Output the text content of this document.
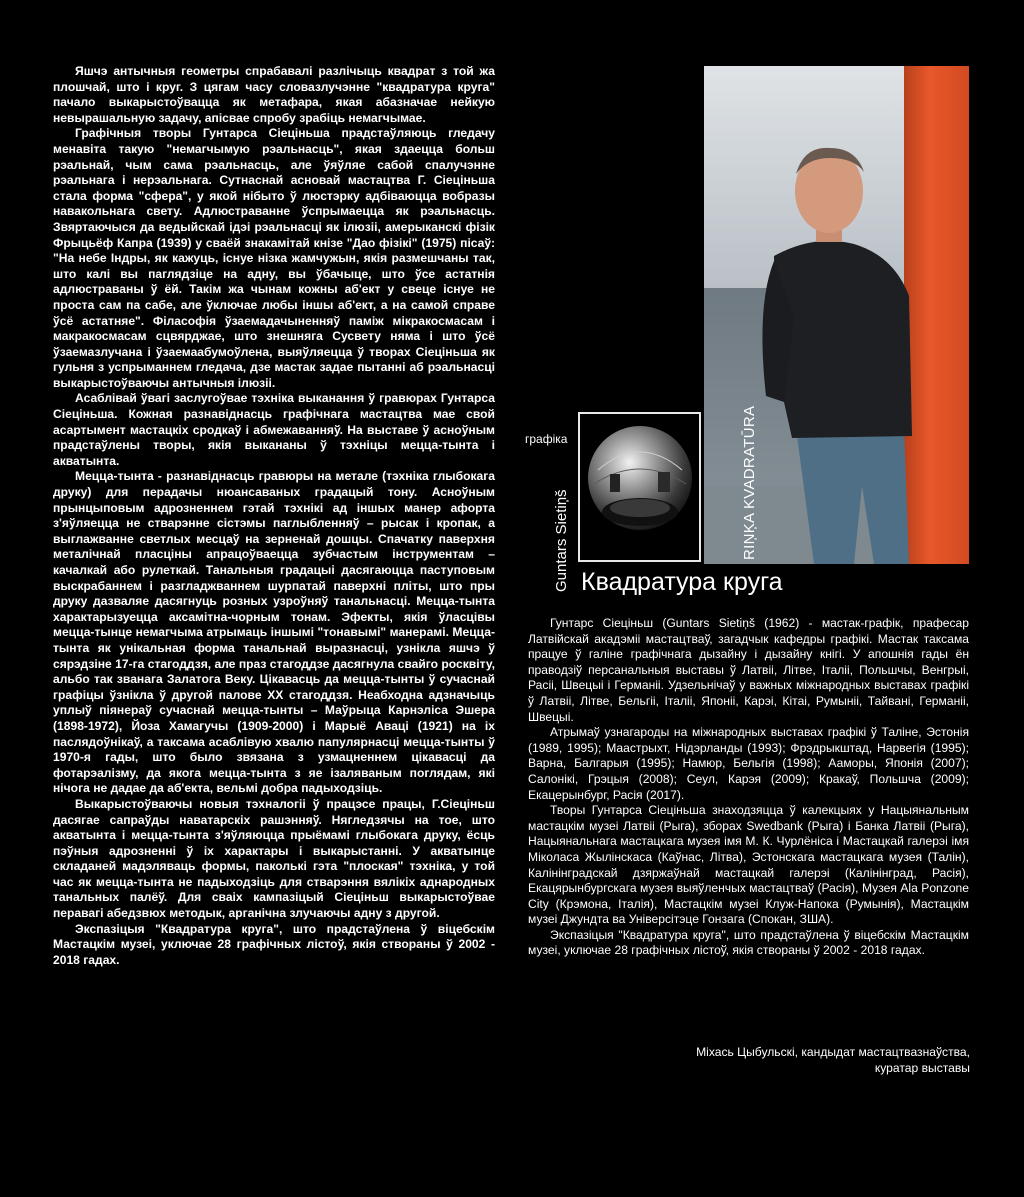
Яшчэ антычныя геометры спрабавалі разлічыць квадрат з той жа плошчай, што і круг. З цягам часу словазлучэнне "квадратура круга" пачало выкарыстоўвацца як метафара, якая абазначае нейкую невырашальную задачу, апісвае спробу зрабіць немагчымае.

Графічныя творы Гунтарса Сіеціньша прадстаўляюць гледачу менавіта такую "немагчымую рэальнасць", якая здаецца больш рэальнай, чым сама рэальнасць, але ўяўляе сабой спалучэнне рэальнага і нерэальнага. Сутнаснай асновай мастацтва Г. Сіеціньша стала форма "сфера", у якой нібыто ў люстэрку адбіваюцца вобразы навакольнага свету. Адлюстраванне ўспрымаецца як рэальнасць. Звяртаючыся да ведыйскай ідэі рэальнасці як ілюзіі, амерыканскі фізік Фрыцьёф Капра (1939) у сваёй знакамітай кнізе "Дао фізікі" (1975) пісаў: "На небе Індры, як кажуць, існуе нізка жамчужын, якія размешчаны так, што калі вы паглядзіце на адну, вы ўбачыце, што ўсе астатнія адлюстраваны ў ёй. Такім жа чынам кожны аб'ект у свеце існуе не проста сам па сабе, але ўключае любы іншы аб'ект, а на самой справе ўсё астатняе". Філасофія ўзаемадачыненняў паміж мікракосмасам і макракосмасам сцвярджае, што знешняга Сусвету няма і што ўсё ўзаемазлучана і ўзаемаабумоўлена, выяўляецца ў творах Сіеціньша як гульня з успрыманнем гледача, дзе мастак задае пытанні аб рэальнасці выкарыстоўваючы антычныя ілюзіі.

Асаблівай ўвагі заслугоўвае тэхніка выканання ў гравюрах Гунтарса Сіеціньша. Кожная разнавіднасць графічнага мастацтва мае свой асартымент мастацкіх сродкаў і абмежаванняў. На выставе ў асноўным прадстаўлены творы, якія выкананы ў тэхніцы мецца-тынта і акватынта.

Мецца-тынта - разнавіднасць гравюры на метале (тэхніка глыбокага друку) для перадачы нюансаваных градацый тону. Асноўным прынцыповым адрозненнем гэтай тэхнікі ад іншых манер афорта з'яўляецца не стварэнне сістэмы паглыбленняў – рысак і кропак, а выглажванне светлых месцаў на зерненай дошцы. Спачатку паверхня металічнай пласціны апрацоўваецца зубчастым інструментам – качалкай або рулеткай. Танальныя градацыі дасягаюцца паступовым выскрабаннем і разгладжваннем шурпатай паверхні пліты, што пры друку дазваляе дасягнуць розных узроўняў танальнасці. Мецца-тынта характарызуецца аксамітна-чорным тонам. Эфекты, якія ўласцівы мецца-тынце немагчыма атрымаць іншымі "тонавымі" манерамі. Мецца-тынта як унікальная форма танальнай выразнасці, узнікла яшчэ ў сярэдзіне 17-га стагоддзя, але праз стагоддзе дасягнула свайго росквіту, альбо так званага Залатога Веку. Цікавасць да мецца-тынты ў сучаснай графіцы ўзнікла ў другой палове XX стагоддзя. Неабходна адзначыць уплыў піянераў сучаснай мецца-тынты – Маўрыца Карнэліса Эшера (1898-1972), Йоза Хамагучы (1909-2000) і Марыё Аваці (1921) на іх паслядоўнікаў, а таксама асаблівую хвалю папулярнасці мецца-тынты ў 1970-я гады, што было звязана з узмацненнем цікавасці да фотарэалізму, да якога мецца-тынта з яе ізаляваным поглядам, які нічога не дадае да аб'екта, вельмі добра падыходзіць.

Выкарыстоўваючы новыя тэхналогіі ў працэсе працы, Г.Сіеціньш дасягае сапраўды наватарскіх рашэнняў. Нягледзячы на тое, што акватынта і мецца-тынта з'яўляюцца прыёмамі глыбокага друку, ёсць пэўныя адрозненні ў іх характары і выкарыстанні. У акватынце складаней мадэляваць формы, паколькі гэта "плоская" тэхніка, у той час як мецца-тынта не падыходзіць для стварэння вялікіх аднародных танальных палёў. Для сваіх кампазіцый Сіеціньш выкарыстоўвае перавагі абедзвюх методык, арганічна злучаючы адну з другой.

Экспазіцыя "Квадратура круга", што прадстаўлена ў віцебскім Мастацкім музеі, уключае 28 графічных лістоў, якія створаны ў 2002 - 2018 гадах.

графіка
Guntars Sietiņš	RIŅĶA KVADRATŪRA
Квадратура круга

Гунтарс Сіеціньш (Guntars Sietiņš (1962) - мастак-графік, прафесар Латвійскай акадэміі мастацтваў, загадчык кафедры графікі. Мастак таксама працуе ў галіне графічнага дызайну і дызайну кнігі. У апошнія гады ён праводзіў персанальныя выставы ў Латвіі, Літве, Італіі, Польшчы, Венгрыі, Расіі, Швецыі і Германіі. Удзельнічаў у важных міжнародных выставах графікі ў Латвіі, Літве, Бельгіі, Італіі, Японіі, Карэі, Кітаі, Румыніі, Тайвані, Германіі, Швецыі.

Атрымаў узнагароды на міжнародных выставах графікі ў Таліне, Эстонія (1989, 1995); Маастрыхт, Нідэрланды (1993); Фрэдрыкштад, Нарвегія (1995); Варна, Балгарыя (1995); Намюр, Бельгія (1998); Ааморы, Японія (2007); Салонікі, Грэцыя (2008); Сеул, Карэя (2009); Кракаў, Польшча (2009); Екацерынбург, Расія (2017).

Творы Гунтарса Сіеціньша знаходзяцца ў калекцыях у Нацыянальным мастацкім музеі Латвіі (Рыга), зборах Swedbank (Рыга) і Банка Латвіі (Рыга), Нацыянальнага мастацкага музея імя М. К. Чурлёніса і Мастацкай галерэі імя Міколаса Жылінскаса (Каўнас, Літва), Эстонскага мастацкага музея (Талін), Калінінградскай дзяржаўнай мастацкай галерэі (Калінінград, Расія), Екацярынбургскага музея выяўленчых мастацтваў (Расія), Музея Ala Ponzone City (Крэмона, Італія), Мастацкім музеі Клуж-Напока (Румынія), Мастацкім музеі Джундта ва Універсітэце Гонзага (Спокан, ЗША).

Экспазіцыя "Квадратура круга", што прадстаўлена ў віцебскім Мастацкім музеі, уключае 28 графічных лістоў, якія створаны ў 2002 - 2018 гадах.

Міхась Цыбульскі, кандыдат мастацтвазнаўства,
куратар выставы
